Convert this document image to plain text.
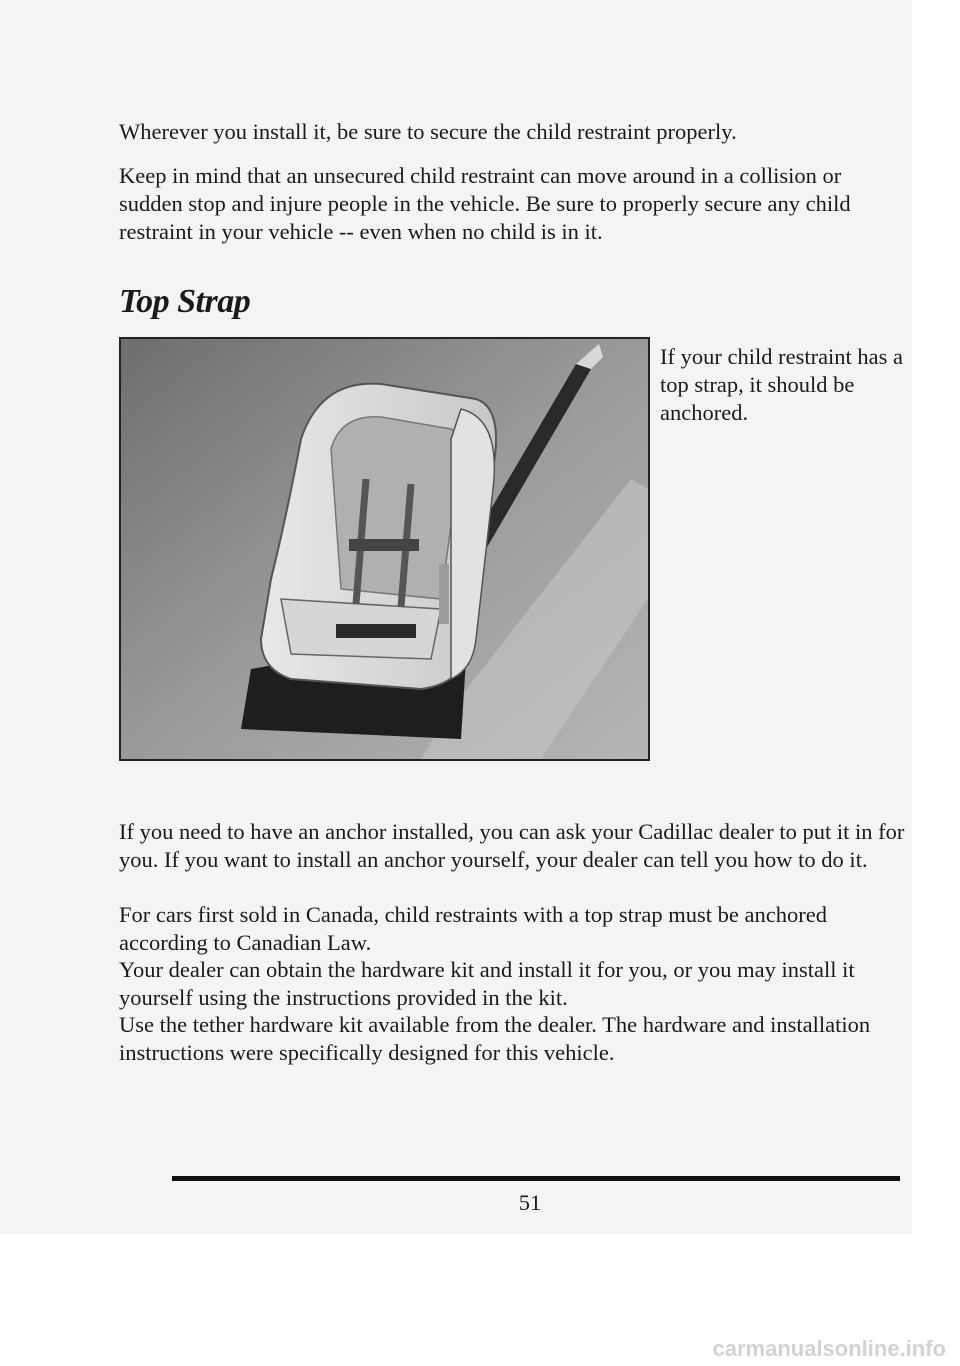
Wherever you install it, be sure to secure the child restraint properly.

Keep in mind that an unsecured child restraint can move around in a collision or sudden stop and injure people in the vehicle. Be sure to properly secure any child restraint in your vehicle -- even when no child is in it.

Top Strap

If your child restraint has a top strap, it should be anchored.

If you need to have an anchor installed, you can ask your Cadillac dealer to put it in for you. If you want to install an anchor yourself, your dealer can tell you how to do it.

For cars first sold in Canada, child restraints with a top strap must be anchored according to Canadian Law.

Your dealer can obtain the hardware kit and install it for you, or you may install it yourself using the instructions provided in the kit.

Use the tether hardware kit available from the dealer. The hardware and installation instructions were specifically designed for this vehicle.

51
carmanualsonline.info
